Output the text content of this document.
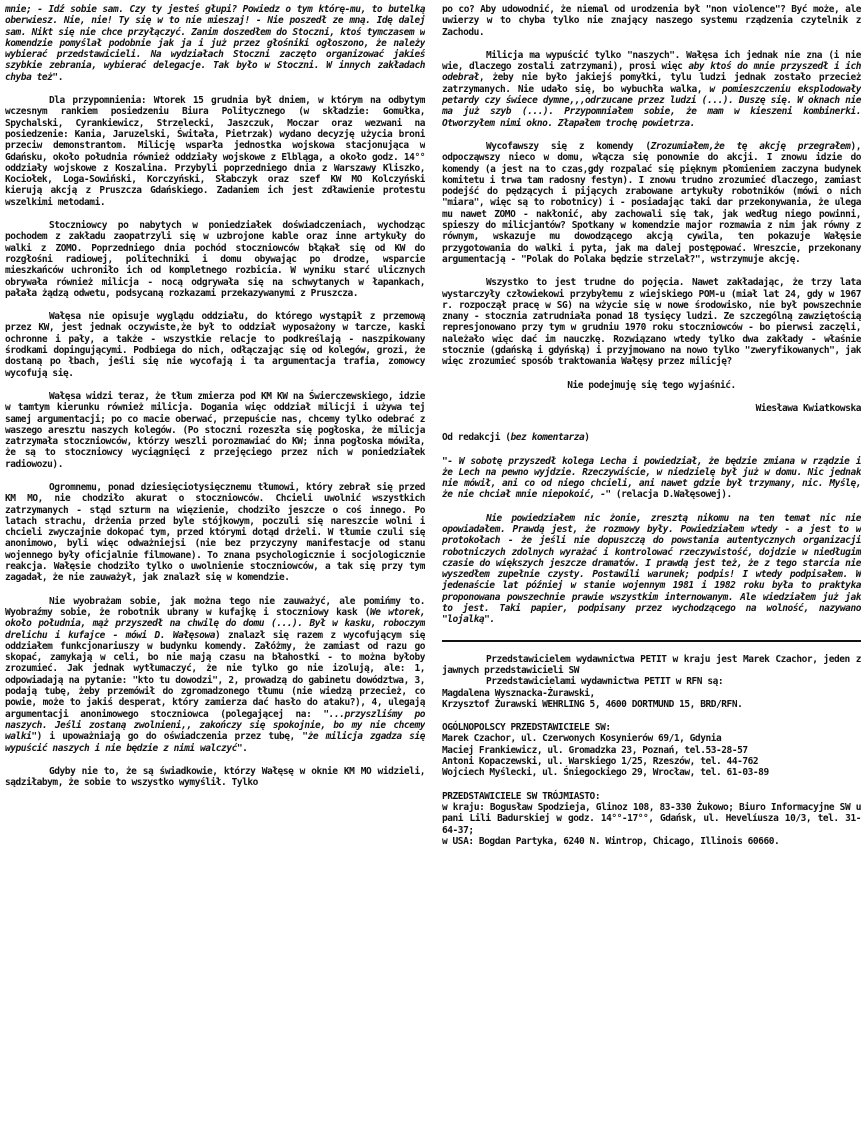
mnie; - Idź sobie sam. Czy ty jesteś głupi? Powiedz o tym którę-mu, to butelką oberwiesz. Nie, nie! Ty się w to nie mieszaj! - Nie poszedł ze mną. Idę dalej sam. Nikt się nie chce przyłączyć. Zanim doszedłem do Stoczni, ktoś tymczasem w komendzie pomyślał podobnie jak ja i już przez głośniki ogłoszono, że należy wybierać przedstawicieli. Na wydziałach Stoczni zaczęto organizować jakieś szybkie zebrania, wybierać delegacje. Tak było w Stoczni. W innych zakładach chyba też".

Dla przypomnienia: Wtorek 15 grudnia był dniem, w którym na odbytym wczesnym rankiem posiedzeniu Biura Politycznego (w składzie: Gomułka, Spychalski, Cyrankiewicz, Strzelecki, Jaszczuk, Moczar oraz wezwani na posiedzenie: Kania, Jaruzelski, Świtała, Pietrzak) wydano decyzję użycia broni przeciw demonstrantom. Milicję wsparła jednostka wojskowa stacjonująca w Gdańsku, około południa również oddziały wojskowe z Elbląga, a około godz. 14°° oddziały wojskowe z Koszalina. Przybyli poprzedniego dnia z Warszawy Kliszko, Kociołek, Loga-Sowiński, Korczyński, Słabczyk oraz szef KW MO Kolczyński kierują akcją z Pruszcza Gdańskiego. Zadaniem ich jest zdławienie protestu wszelkimi metodami.

Stoczniowcy po nabytych w poniedziałek doświadczeniach, wychodząc pochodem z zakładu zaopatrzyli się w uzbrojone kable oraz inne artykuły do walki z ZOMO. Poprzedniego dnia pochód stoczniowców błąkał się od KW do rozgłośni radiowej, politechniki i domu obywając po drodze, wsparcie mieszkańców uchroniło ich od kompletnego rozbicia. W wyniku starć ulicznych obrywała również milicja - nocą odgrywała się na schwytanych w łapankach, pałała żądzą odwetu, podsycaną rozkazami przekazywanymi z Pruszcza.

Wałęsa nie opisuje wyglądu oddziału, do którego wystąpił z przemową przez KW, jest jednak oczywiste,że był to oddział wyposażony w tarcze, kaski ochronne i pały, a także - wszystkie relacje to podkreślają - naszpikowany środkami dopingującymi. Podbiega do nich, odłączając się od kolegów, grozi, że dostaną po łbach, jeśli się nie wycofają i ta argumentacja trafia, zomowcy wycofują się.

Wałęsa widzi teraz, że tłum zmierza pod KM KW na Świerczewskiego, idzie w tamtym kierunku również milicja. Dogania więc oddział milicji i używa tej samej argumentacji; po co macie oberwać, przepuście nas, chcemy tylko odebrać z waszego aresztu naszych kolegów. (Po stoczni rozeszła się pogłoska, że milicja zatrzymała stoczniowców, którzy weszli porozmawiać do KW; inna pogłoska mówiła, że są to stoczniowcy wyciągnięci z przejęciego przez nich w poniedziałek radiowozu).

Ogromnemu, ponad dziesięciotysięcznemu tłumowi, który zebrał się przed KM MO, nie chodziło akurat o stoczniowców. Chcieli uwolnić wszystkich zatrzymanych - stąd szturm na więzienie, chodziło jeszcze o coś innego. Po latach strachu, drżenia przed byle stójkowym, poczuli się nareszcie wolni i chcieli zwyczajnie dokopać tym, przed którymi dotąd drżeli. W tłumie czuli się anonimowo, byli więc odważniejsi (nie bez przyczyny manifestacje od stanu wojennego były oficjalnie filmowane). To znana psychologicznie i socjologicznie reakcja. Wałęsie chodziło tylko o uwolnienie stoczniowców, a tak się przy tym zagadał, że nie zauważył, jak znalazł się w komendzie.

Nie wyobrażam sobie, jak można tego nie zauważyć, ale pomińmy to. Wyobraźmy sobie, że robotnik ubrany w kufajkę i stoczniowy kask (We wtorek, około południa, mąż przyszedł na chwilę do domu (...). Był w kasku, roboczym drelichu i kufajce - mówi D. Wałęsowa) znalazł się razem z wycofującym się oddziałem funkcjonariuszy w budynku komendy. Załóżmy, że zamiast od razu go skopać, zamykają w celi, bo nie mają czasu na błahostki - to można byłoby zrozumieć. Jak jednak wytłumaczyć, że nie tylko go nie izolują, ale: 1, odpowiadają na pytanie: "kto tu dowodzi", 2, prowadzą do gabinetu dowództwa, 3, podają tubę, żeby przemówił do zgromadzonego tłumu (nie wiedzą przecież, co powie, może to jakiś desperat, który zamierza dać hasło do ataku?), 4, ulegają argumentacji anonimowego stoczniowca (polegającej na: "...przyszliśmy po naszych. Jeśli zostaną zwolnieni,, zakończy się spokojnie, bo my nie chcemy walki") i upoważniają go do oświadczenia przez tubę, "że milicja zgadza się wypuścić naszych i nie będzie z nimi walczyć".

Gdyby nie to, że są świadkowie, którzy Wałęsę w oknie KM MO widzieli, sądziłabym, że sobie to wszystko wymyślił. Tylko

po co? Aby udowodnić, że niemal od urodzenia był "non violence"? Być może, ale uwierzy w to chyba tylko nie znający naszego systemu rządzenia czytelnik z Zachodu.

Milicja ma wypuścić tylko "naszych". Wałęsa ich jednak nie zna (i nie wie, dlaczego zostali zatrzymani), prosi więc aby ktoś do mnie przyszedł i ich odebrał, żeby nie było jakiejś pomyłki, tylu ludzi jednak zostało przecież zatrzymanych. Nie udało się, bo wybuchła walka, w pomieszczeniu eksplodowały petardy czy świece dymne,,,odrzucane przez ludzi (...). Duszę się. W oknach nie ma już szyb (...). Przypomniałem sobie, że mam w kieszeni kombinerki. Otworzyłem nimi okno. Złapałem trochę powietrza.

Wycofawszy się z komendy (Zrozumiałem,że tę akcję przegrałem), odpocząwszy nieco w domu, włącza się ponownie do akcji. I znowu idzie do komendy (a jest na to czas,gdy rozpalać się pięknym płomieniem zaczyna budynek komitetu i trwa tam radosny festyn). I znowu trudno zrozumieć dlaczego, zamiast podejść do pędzących i pijących zrabowane artykuły robotników (mówi o nich "miara", więc są to robotnicy) i - posiadając taki dar przekonywania, że ulega mu nawet ZOMO - nakłonić, aby zachowali się tak, jak według niego powinni, spieszy do milicjantów? Spotkany w komendzie major rozmawia z nim jak równy z równym, wskazuje mu dowodzącego akcją cywila, ten pokazuje Wałęsie przygotowania do walki i pyta, jak ma dalej postępować. Wreszcie, przekonany argumentacją - "Polak do Polaka będzie strzelał?", wstrzymuje akcję.

Wszystko to jest trudne do pojęcia. Nawet zakładając, że trzy lata wystarczyły człowiekowi przybyłemu z wiejskiego POM-u (miał lat 24, gdy w 1967 r. rozpoczął pracę w SG) na wżycie się w nowe środowisko, nie był powszechnie znany - stocznia zatrudniała ponad 18 tysięcy ludzi. Ze szczególną zawziętością represjonowano przy tym w grudniu 1970 roku stoczniowców - bo pierwsi zaczęli, należało więc dać im nauczkę. Rozwiązano wtedy tylko dwa zakłady - właśnie stocznie (gdańską i gdyńską) i przyjmowano na nowo tylko "zweryfikowanych", jak więc zrozumieć sposób traktowania Wałęsy przez milicję?

Nie podejmuję się tego wyjaśnić.

Wiesława Kwiatkowska

Od redakcji (bez komentarza)

"- W sobotę przyszedł kolega Lecha i powiedział, że będzie zmiana w rządzie i że Lech na pewno wyjdzie. Rzeczywiście, w niedzielę był już w domu. Nic jednak nie mówił, ani co od niego chcieli, ani nawet gdzie był trzymany, nic. Myślę, że nie chciał mnie niepokoić, -" (relacja D.Wałęsowej).

Nie powiedziałem nic żonie, zresztą nikomu na ten temat nic nie opowiadałem. Prawdą jest, że rozmowy były. Powiedziałem wtedy - a jest to w protokołach - że jeśli nie dopuszczą do powstania autentycznych organizacji robotniczych zdolnych wyrażać i kontrolować rzeczywistość, dojdzie w niedługim czasie do większych jeszcze dramatów. I prawdą jest też, że z tego starcia nie wyszedłem zupełnie czysty. Postawili warunek; podpis! I wtedy podpisałem. W jedenaście lat później w stanie wojennym 1981 i 1982 roku była to praktyka proponowana powszechnie prawie wszystkim internowanym. Ale wiedziałem już jak to jest. Taki papier, podpisany przez wychodzącego na wolność, nazywano "lojalką".

Przedstawicielem wydawnictwa PETIT w kraju jest Marek Czachor, jeden z jawnych przedstawicieli SW

Przedstawicielami wydawnictwa PETIT w RFN są:

Magdalena Wysznacka-Żurawski,

Krzysztof Żurawski WEHRLING 5, 4600 DORTMUND 15, BRD/RFN.

OGÓLNOPOLSCY PRZEDSTAWICIELE SW:

Marek Czachor, ul. Czerwonych Kosynierów 69/1, Gdynia

Maciej Frankiewicz, ul. Gromadzka 23, Poznań, tel.53-28-57

Antoni Kopaczewski, ul. Warskiego 1/25, Rzeszów, tel. 44-762

Wojciech Myślecki, ul. Śniegockiego 29, Wrocław, tel. 61-03-89

PRZEDSTAWICIELE SW TRÓJMIASTO:

w kraju: Bogusław Spodzieja, Glinoz 108, 83-330 Żukowo; Biuro Informacyjne SW u pani Lili Badurskiej w godz. 14°°-17°°, Gdańsk, ul. Hevelíusza 10/3, tel. 31-64-37;

w USA: Bogdan Partyka, 6240 N. Wintrop, Chicago, Illinois 60660.
